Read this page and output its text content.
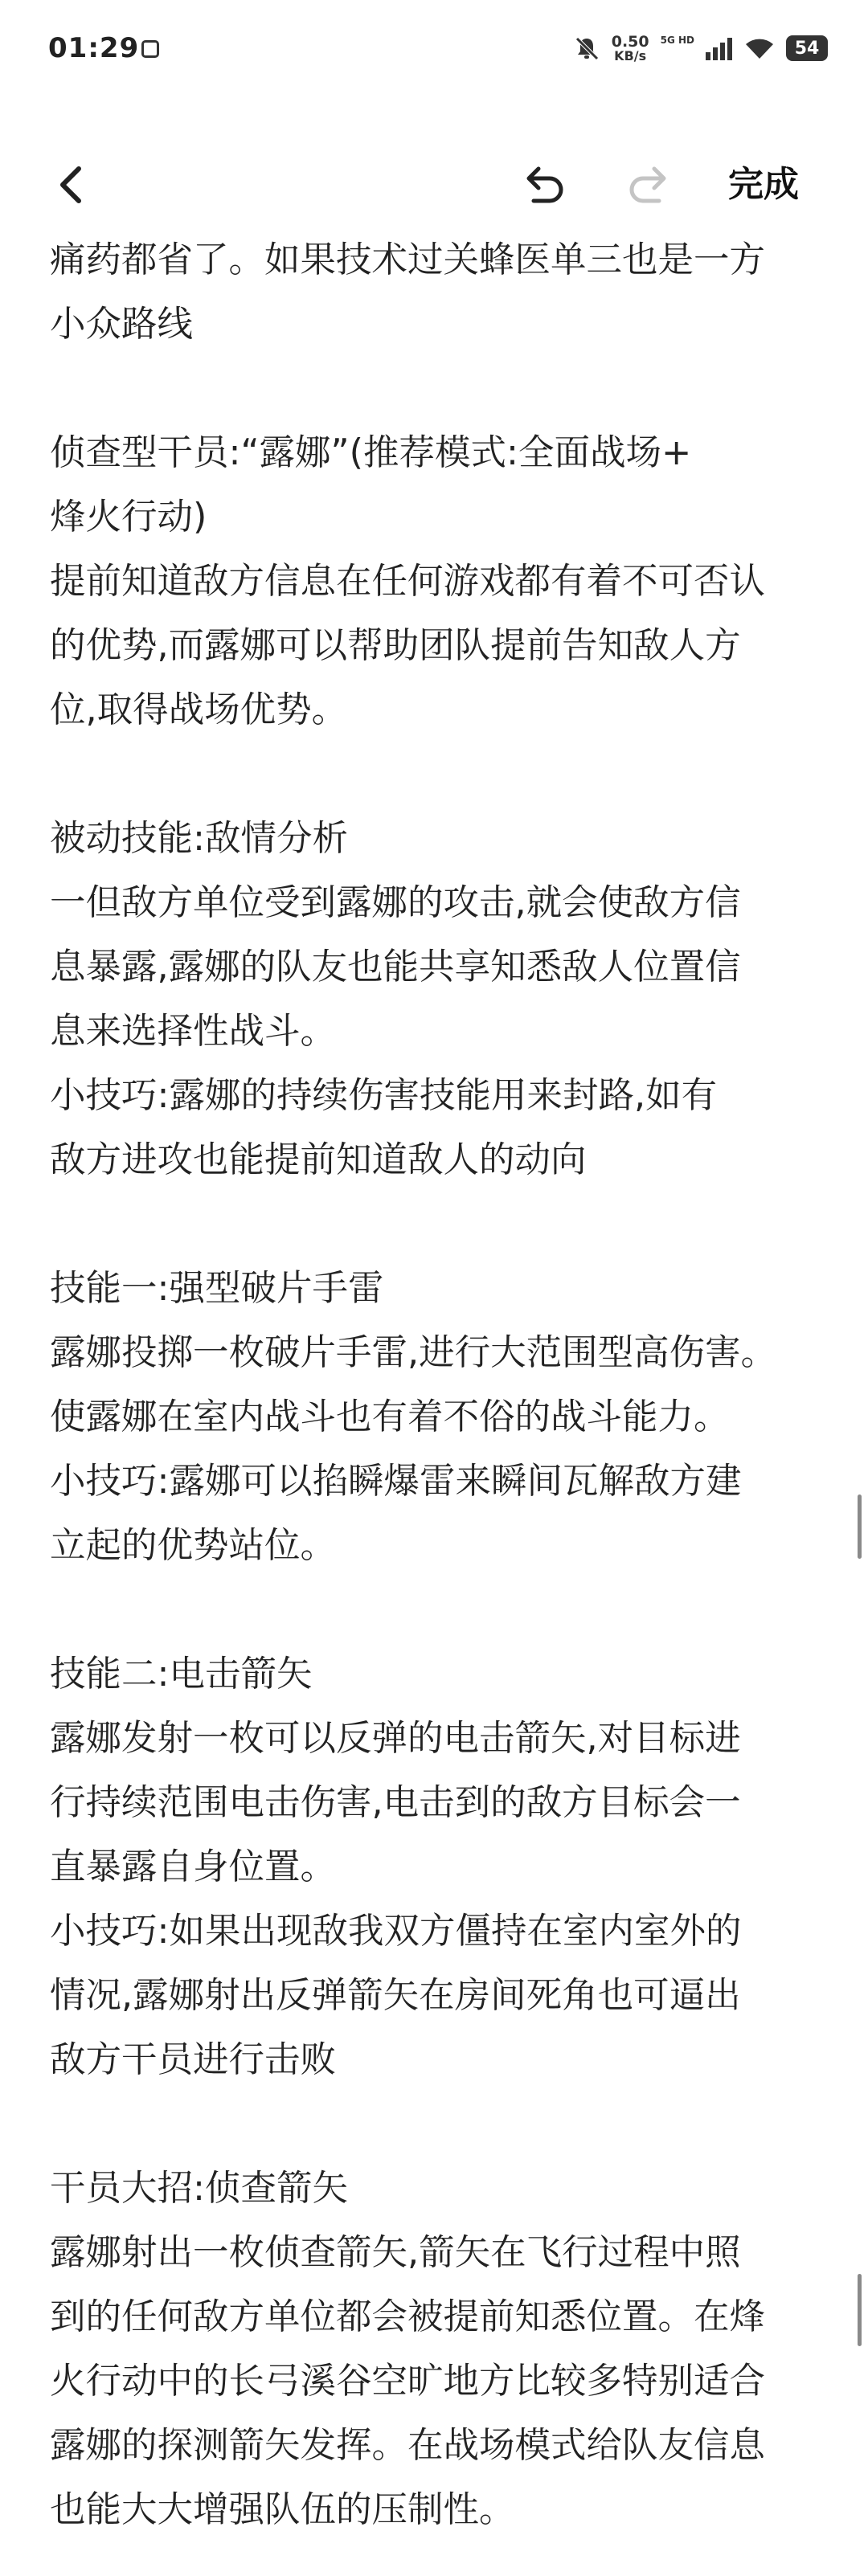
01:29	0.50
KB/s
5G HD	54
完成
痛药都省了。如果技术过关蜂医单三也是一方
小众路线
侦查型干员:“露娜”(推荐模式:全面战场+
烽火行动)
提前知道敌方信息在任何游戏都有着不可否认
的优势,而露娜可以帮助团队提前告知敌人方
位,取得战场优势。
被动技能:敌情分析
一但敌方单位受到露娜的攻击,就会使敌方信
息暴露,露娜的队友也能共享知悉敌人位置信
息来选择性战斗。
小技巧:露娜的持续伤害技能用来封路,如有
敌方进攻也能提前知道敌人的动向
技能一:强型破片手雷
露娜投掷一枚破片手雷,进行大范围型高伤害。
使露娜在室内战斗也有着不俗的战斗能力。
小技巧:露娜可以掐瞬爆雷来瞬间瓦解敌方建
立起的优势站位。
技能二:电击箭矢
露娜发射一枚可以反弹的电击箭矢,对目标进
行持续范围电击伤害,电击到的敌方目标会一
直暴露自身位置。
小技巧:如果出现敌我双方僵持在室内室外的
情况,露娜射出反弹箭矢在房间死角也可逼出
敌方干员进行击败
干员大招:侦查箭矢
露娜射出一枚侦查箭矢,箭矢在飞行过程中照
到的任何敌方单位都会被提前知悉位置。在烽
火行动中的长弓溪谷空旷地方比较多特别适合
露娜的探测箭矢发挥。在战场模式给队友信息
也能大大增强队伍的压制性。
